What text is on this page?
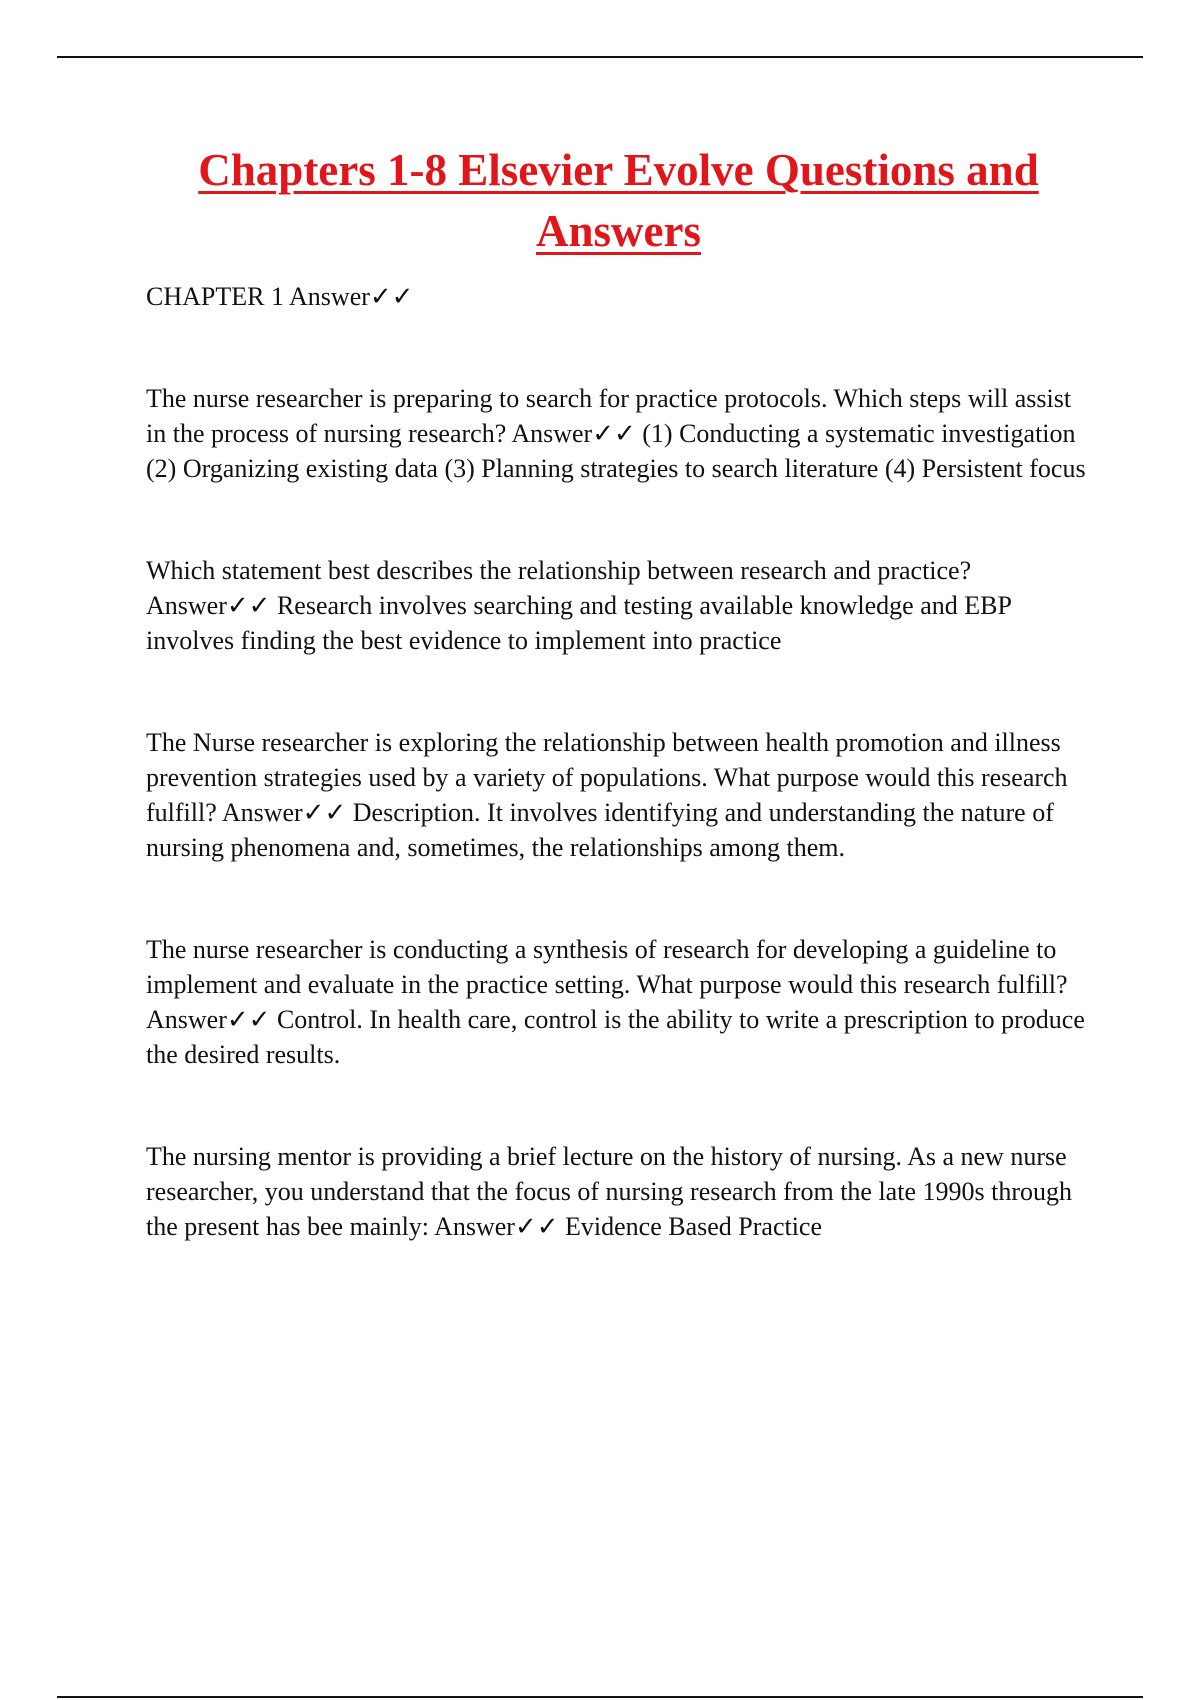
Chapters 1-8 Elsevier Evolve Questions and Answers

CHAPTER 1 Answer✓✓

The nurse researcher is preparing to search for practice protocols. Which steps will assist in the process of nursing research? Answer✓✓ (1) Conducting a systematic investigation (2) Organizing existing data (3) Planning strategies to search literature (4) Persistent focus

Which statement best describes the relationship between research and practice? Answer✓✓ Research involves searching and testing available knowledge and EBP involves finding the best evidence to implement into practice

The Nurse researcher is exploring the relationship between health promotion and illness prevention strategies used by a variety of populations. What purpose would this research fulfill? Answer✓✓ Description. It involves identifying and understanding the nature of nursing phenomena and, sometimes, the relationships among them.

The nurse researcher is conducting a synthesis of research for developing a guideline to implement and evaluate in the practice setting. What purpose would this research fulfill? Answer✓✓ Control. In health care, control is the ability to write a prescription to produce the desired results.

The nursing mentor is providing a brief lecture on the history of nursing. As a new nurse researcher, you understand that the focus of nursing research from the late 1990s through the present has bee mainly: Answer✓✓ Evidence Based Practice
